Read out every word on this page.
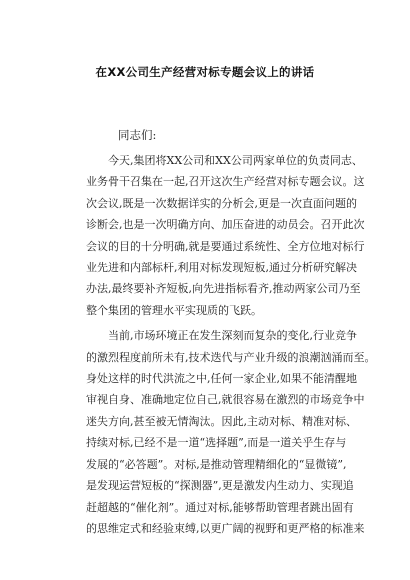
在XX公司生产经营对标专题会议上的讲话
同志们:
今天,集团将XX公司和XX公司两家单位的负责同志、
业务骨干召集在一起,召开这次生产经营对标专题会议。这
次会议,既是一次数据详实的分析会,更是一次直面问题的
诊断会,也是一次明确方向、加压奋进的动员会。召开此次
会议的目的十分明确,就是要通过系统性、全方位地对标行
业先进和内部标杆,利用对标发现短板,通过分析研究解决
办法,最终要补齐短板,向先进指标看齐,推动两家公司乃至
整个集团的管理水平实现质的飞跃。
当前,市场环境正在发生深刻而复杂的变化,行业竞争
的激烈程度前所未有,技术迭代与产业升级的浪潮汹涌而至。
身处这样的时代洪流之中,任何一家企业,如果不能清醒地
审视自身、准确地定位自己,就很容易在激烈的市场竞争中
迷失方向,甚至被无情淘汰。因此,主动对标、精准对标、
持续对标,已经不是一道“选择题”,而是一道关乎生存与
发展的“必答题”。对标,是推动管理精细化的“显微镜”,
是发现运营短板的“探测器”,更是激发内生动力、实现追
赶超越的“催化剂”。通过对标,能够帮助管理者跳出固有
的思维定式和经验束缚,以更广阔的视野和更严格的标准来
